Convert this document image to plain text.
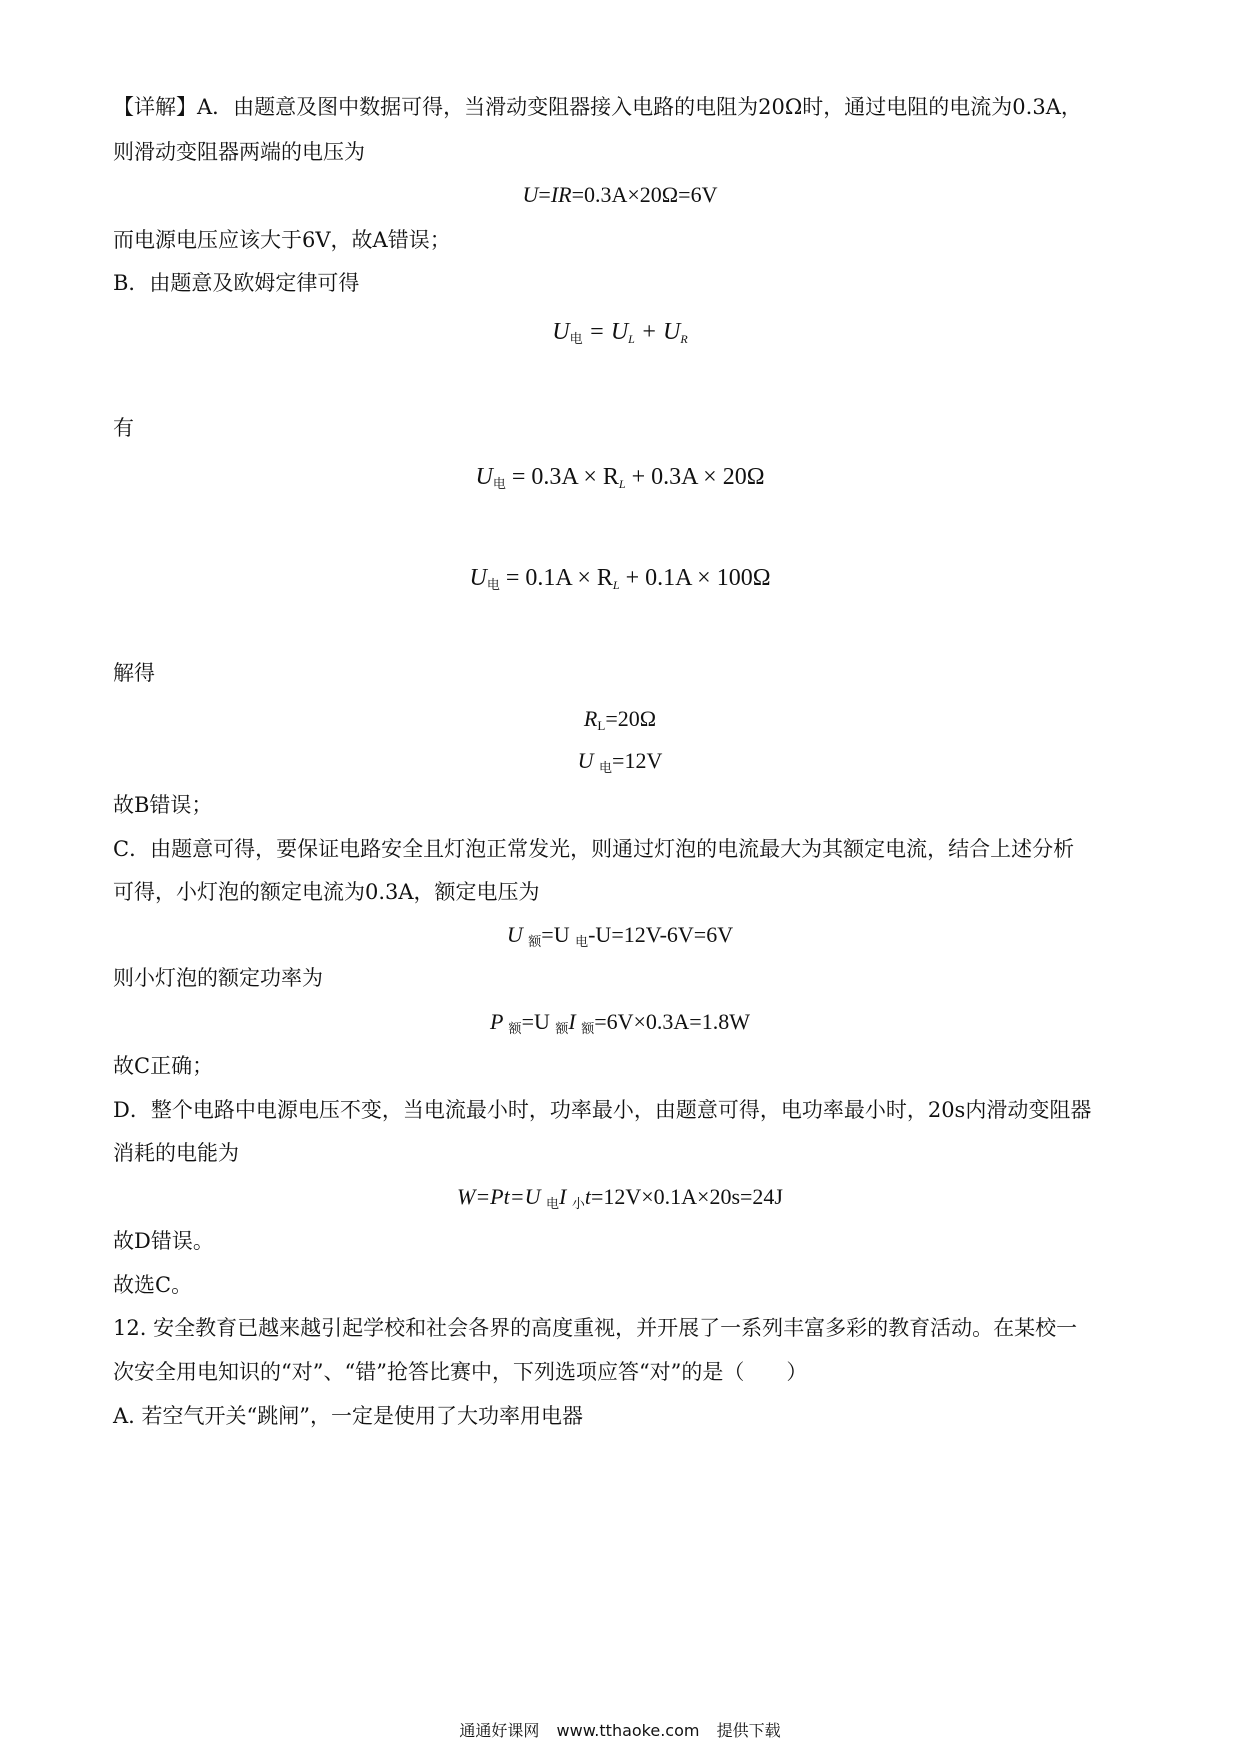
【详解】A．由题意及图中数据可得，当滑动变阻器接入电路的电阻为20Ω时，通过电阻的电流为0.3A，
则滑动变阻器两端的电压为
U=IR=0.3A×20Ω=6V
而电源电压应该大于6V，故A错误；
B．由题意及欧姆定律可得
$U_电 = U_L + U_R$
有
$U_电 = 0.3A \times R_L + 0.3A \times 20\Omega$
$U_电 = 0.1A \times R_L + 0.1A \times 100\Omega$
解得
$R_L=20\Omega$
U $_电$=12V
故B错误；
C．由题意可得，要保证电路安全且灯泡正常发光，则通过灯泡的电流最大为其额定电流，结合上述分析
可得，小灯泡的额定电流为0.3A，额定电压为
U $_额$=U $_电$-U=12V-6V=6V
则小灯泡的额定功率为
P $_额$=U $_额$I $_额$=6V×0.3A=1.8W
故C正确；
D．整个电路中电源电压不变，当电流最小时，功率最小，由题意可得，电功率最小时，20s内滑动变阻器
消耗的电能为
W=Pt=U $_电$I $_小$t=12V×0.1A×20s=24J
故D错误。
故选C。
12. 安全教育已越来越引起学校和社会各界的高度重视，并开展了一系列丰富多彩的教育活动。在某校一
次安全用电知识的“对”、“错”抢答比赛中，下列选项应答“对”的是（　　）
A. 若空气开关“跳闸”，一定是使用了大功率用电器
通通好课网 www.tthaoke.com 提供下载
